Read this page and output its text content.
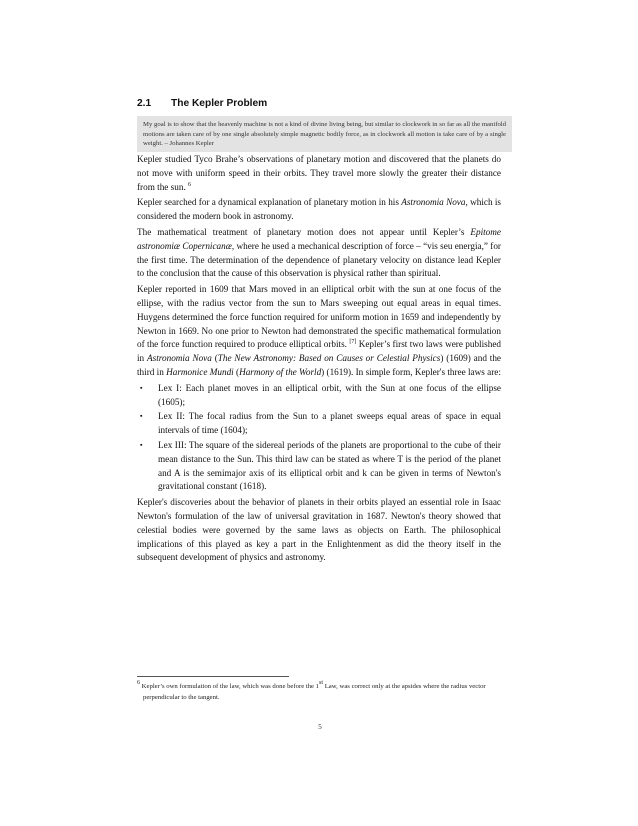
2.1 The Kepler Problem
My goal is to show that the heavenly machine is not a kind of divine living being, but similar to clockwork in so far as all the manifold motions are taken care of by one single absolutely simple magnetic bodily force, as in clockwork all motion is take care of by a single weight. – Johannes Kepler

Kepler studied Tyco Brahe’s observations of planetary motion and discovered that the planets do not move with uniform speed in their orbits. They travel more slowly the greater their distance from the sun. $^6$

Kepler searched for a dynamical explanation of planetary motion in his Astronomia Nova, which is considered the modern book in astronomy.

The mathematical treatment of planetary motion does not appear until Kepler’s Epitome astronomiæ Copernicanæ, where he used a mechanical description of force – “vis seu energia,” for the first time. The determination of the dependence of planetary velocity on distance lead Kepler to the conclusion that the cause of this observation is physical rather than spiritual.

Kepler reported in 1609 that Mars moved in an elliptical orbit with the sun at one focus of the ellipse, with the radius vector from the sun to Mars sweeping out equal areas in equal times. Huygens determined the force function required for uniform motion in 1659 and independently by Newton in 1669. No one prior to Newton had demonstrated the specific mathematical formulation of the force function required to produce elliptical orbits. [7] Kepler’s first two laws were published in Astronomia Nova (The New Astronomy: Based on Causes or Celestial Physics) (1609) and the third in Harmonice Mundi (Harmony of the World) (1619). In simple form, Kepler's three laws are:

▪ Lex I: Each planet moves in an elliptical orbit, with the Sun at one focus of the ellipse (1605);
▪ Lex II: The focal radius from the Sun to a planet sweeps equal areas of space in equal intervals of time (1604);
▪ Lex III: The square of the sidereal periods of the planets are proportional to the cube of their mean distance to the Sun. This third law can be stated as where T is the period of the planet and A is the semimajor axis of its elliptical orbit and k can be given in terms of Newton's gravitational constant (1618).

Kepler's discoveries about the behavior of planets in their orbits played an essential role in Isaac Newton's formulation of the law of universal gravitation in 1687. Newton's theory showed that celestial bodies were governed by the same laws as objects on Earth. The philosophical implications of this played as key a part in the Enlightenment as did the theory itself in the subsequent development of physics and astronomy.

$^6$ Kepler’s own formulation of the law, which was done before the 1st Law, was correct only at the apsides where the radius vector perpendicular to the tangent.
5
